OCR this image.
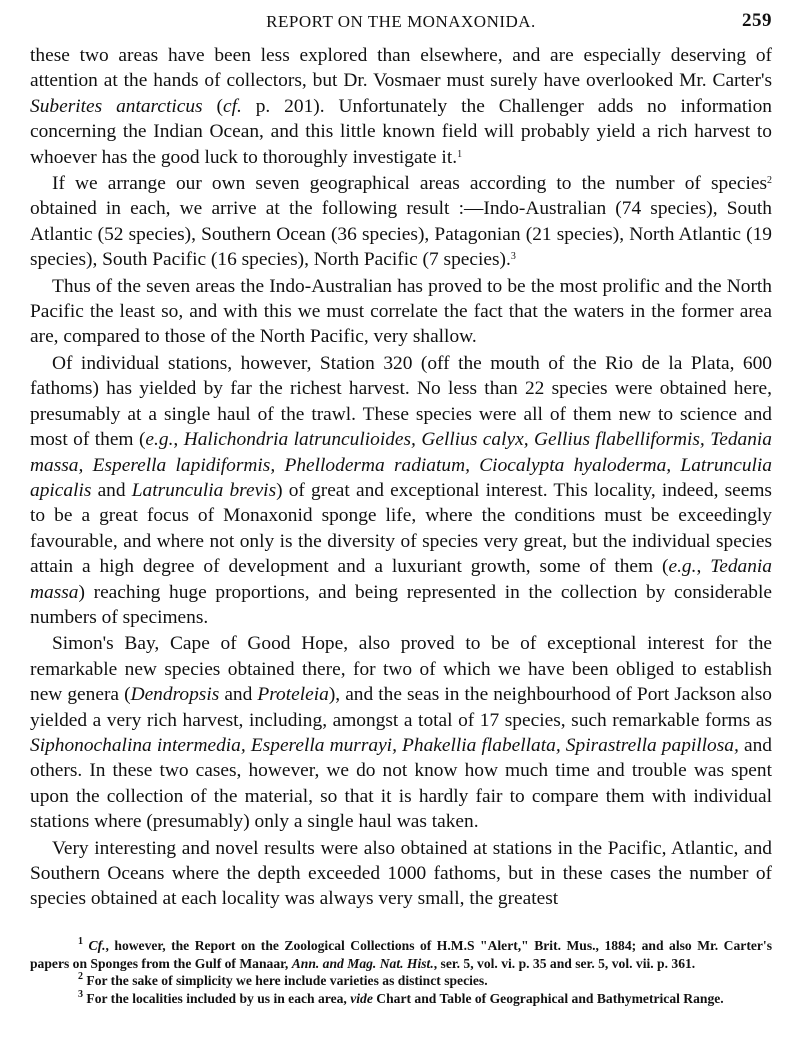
REPORT ON THE MONAXONIDA.	259

these two areas have been less explored than elsewhere, and are especially deserving of attention at the hands of collectors, but Dr. Vosmaer must surely have overlooked Mr. Carter's Suberites antarcticus (cf. p. 201). Unfortunately the Challenger adds no information concerning the Indian Ocean, and this little known field will probably yield a rich harvest to whoever has the good luck to thoroughly investigate it.$^1$

If we arrange our own seven geographical areas according to the number of species$^2$ obtained in each, we arrive at the following result :—Indo-Australian (74 species), South Atlantic (52 species), Southern Ocean (36 species), Patagonian (21 species), North Atlantic (19 species), South Pacific (16 species), North Pacific (7 species).$^3$

Thus of the seven areas the Indo-Australian has proved to be the most prolific and the North Pacific the least so, and with this we must correlate the fact that the waters in the former area are, compared to those of the North Pacific, very shallow.

Of individual stations, however, Station 320 (off the mouth of the Rio de la Plata, 600 fathoms) has yielded by far the richest harvest. No less than 22 species were obtained here, presumably at a single haul of the trawl. These species were all of them new to science and most of them (e.g., Halichondria latrunculioides, Gellius calyx, Gellius flabelliformis, Tedania massa, Esperella lapidiformis, Phelloderma radiatum, Ciocalypta hyaloderma, Latrunculia apicalis and Latrunculia brevis) of great and exceptional interest. This locality, indeed, seems to be a great focus of Monaxonid sponge life, where the conditions must be exceedingly favourable, and where not only is the diversity of species very great, but the individual species attain a high degree of development and a luxuriant growth, some of them (e.g., Tedania massa) reaching huge proportions, and being represented in the collection by considerable numbers of specimens.

Simon's Bay, Cape of Good Hope, also proved to be of exceptional interest for the remarkable new species obtained there, for two of which we have been obliged to establish new genera (Dendropsis and Proteleia), and the seas in the neighbourhood of Port Jackson also yielded a very rich harvest, including, amongst a total of 17 species, such remarkable forms as Siphonochalina intermedia, Esperella murrayi, Phakellia flabellata, Spirastrella papillosa, and others. In these two cases, however, we do not know how much time and trouble was spent upon the collection of the material, so that it is hardly fair to compare them with individual stations where (presumably) only a single haul was taken.

Very interesting and novel results were also obtained at stations in the Pacific, Atlantic, and Southern Oceans where the depth exceeded 1000 fathoms, but in these cases the number of species obtained at each locality was always very small, the greatest

$^1$ Cf., however, the Report on the Zoological Collections of H.M.S "Alert," Brit. Mus., 1884; and also Mr. Carter's papers on Sponges from the Gulf of Manaar, Ann. and Mag. Nat. Hist., ser. 5, vol. vi. p. 35 and ser. 5, vol. vii. p. 361.

$^2$ For the sake of simplicity we here include varieties as distinct species.

$^3$ For the localities included by us in each area, vide Chart and Table of Geographical and Bathymetrical Range.
